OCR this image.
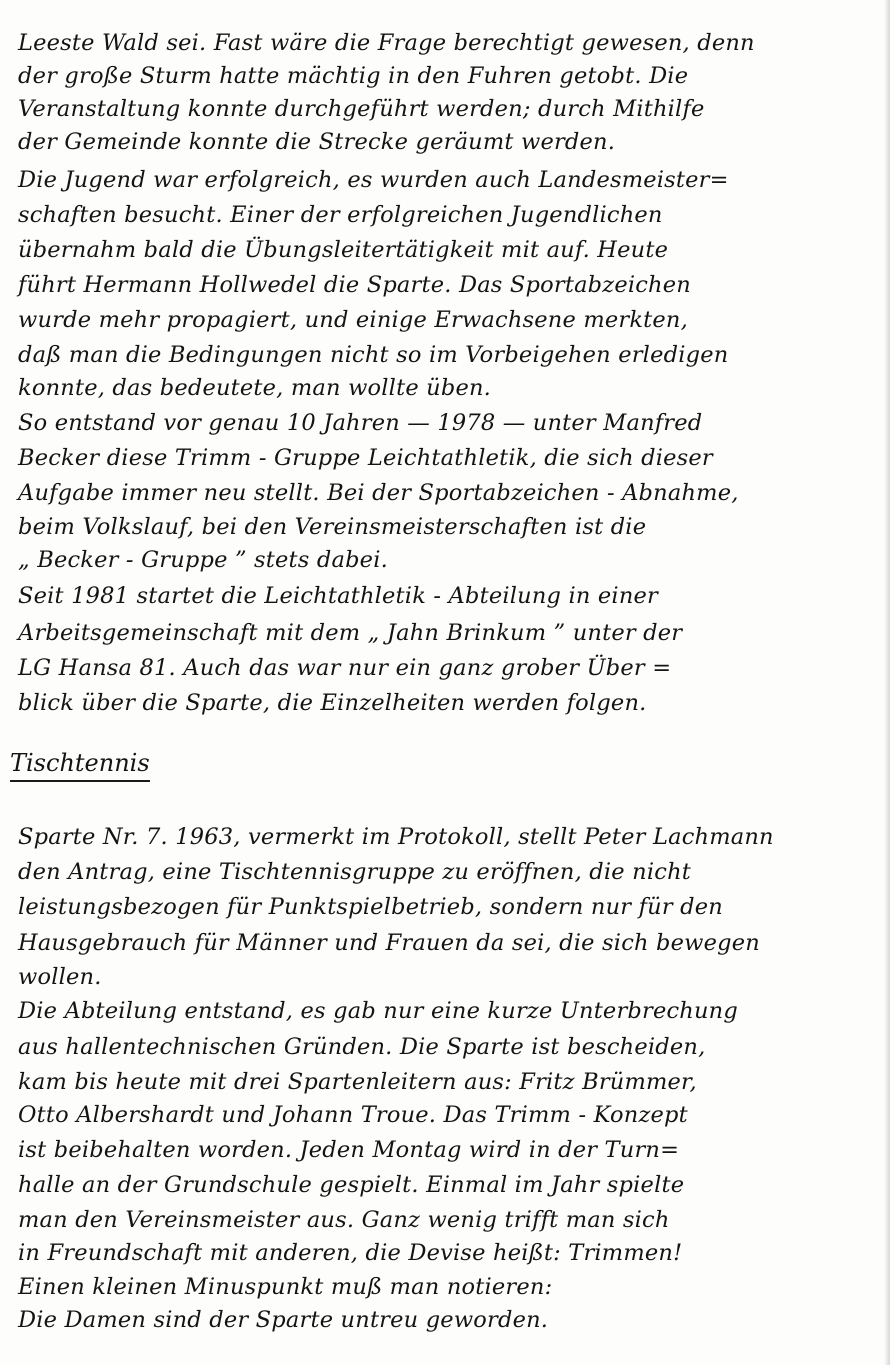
Leeste Wald sei. Fast wäre die Frage berechtigt gewesen, denn
der große Sturm hatte mächtig in den Fuhren getobt. Die
Veranstaltung konnte durchgeführt werden; durch Mithilfe
der Gemeinde konnte die Strecke geräumt werden.
Die Jugend war erfolgreich, es wurden auch Landesmeister=
schaften besucht. Einer der erfolgreichen Jugendlichen
übernahm bald die Übungsleitertätigkeit mit auf. Heute
führt Hermann Hollwedel die Sparte. Das Sportabzeichen
wurde mehr propagiert, und einige Erwachsene merkten,
daß man die Bedingungen nicht so im Vorbeigehen erledigen
konnte, das bedeutete, man wollte üben.
So entstand vor genau 10 Jahren — 1978 — unter Manfred
Becker diese Trimm - Gruppe Leichtathletik, die sich dieser
Aufgabe immer neu stellt. Bei der Sportabzeichen - Abnahme,
beim Volkslauf, bei den Vereinsmeisterschaften ist die
„ Becker - Gruppe ” stets dabei.
Seit 1981 startet die Leichtathletik - Abteilung in einer
Arbeitsgemeinschaft mit dem „ Jahn Brinkum ” unter der
LG Hansa 81. Auch das war nur ein ganz grober Über =
blick über die Sparte, die Einzelheiten werden folgen.
Tischtennis
Sparte Nr. 7. 1963, vermerkt im Protokoll, stellt Peter Lachmann
den Antrag, eine Tischtennisgruppe zu eröffnen, die nicht
leistungsbezogen für Punktspielbetrieb, sondern nur für den
Hausgebrauch für Männer und Frauen da sei, die sich bewegen
wollen.
Die Abteilung entstand, es gab nur eine kurze Unterbrechung
aus hallentechnischen Gründen. Die Sparte ist bescheiden,
kam bis heute mit drei Spartenleitern aus: Fritz Brümmer,
Otto Albershardt und Johann Troue. Das Trimm - Konzept
ist beibehalten worden. Jeden Montag wird in der Turn=
halle an der Grundschule gespielt. Einmal im Jahr spielte
man den Vereinsmeister aus. Ganz wenig trifft man sich
in Freundschaft mit anderen, die Devise heißt: Trimmen!
Einen kleinen Minuspunkt muß man notieren:
Die Damen sind der Sparte untreu geworden.
